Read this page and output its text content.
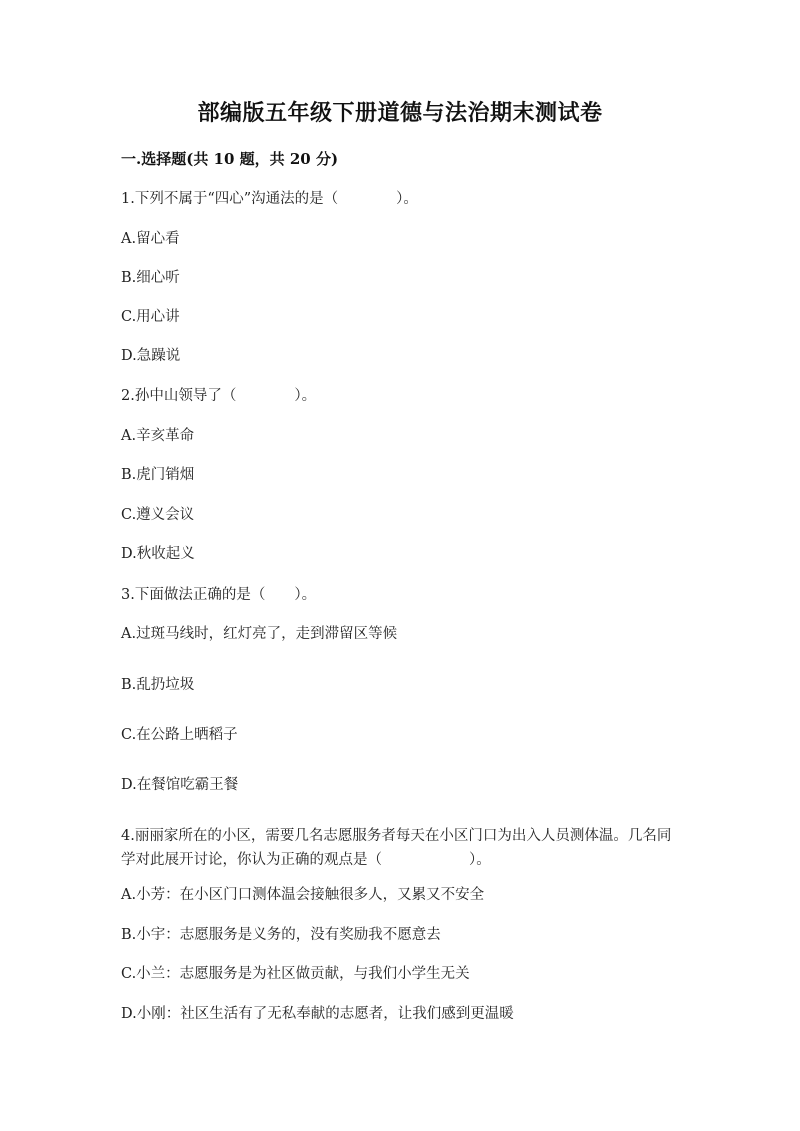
部编版五年级下册道德与法治期末测试卷
一.选择题(共 10 题，共 20 分)
1.下列不属于“四心”沟通法的是（　　　　）。
A.留心看
B.细心听
C.用心讲
D.急躁说
2.孙中山领导了（　　　　）。
A.辛亥革命
B.虎门销烟
C.遵义会议
D.秋收起义
3.下面做法正确的是（　　）。
A.过斑马线时，红灯亮了，走到滞留区等候
B.乱扔垃圾
C.在公路上晒稻子
D.在餐馆吃霸王餐
4.丽丽家所在的小区，需要几名志愿服务者每天在小区门口为出入人员测体温。几名同学对此展开讨论，你认为正确的观点是（　　　　　　）。
A.小芳：在小区门口测体温会接触很多人，又累又不安全
B.小宇：志愿服务是义务的，没有奖励我不愿意去
C.小兰：志愿服务是为社区做贡献，与我们小学生无关
D.小刚：社区生活有了无私奉献的志愿者，让我们感到更温暖
